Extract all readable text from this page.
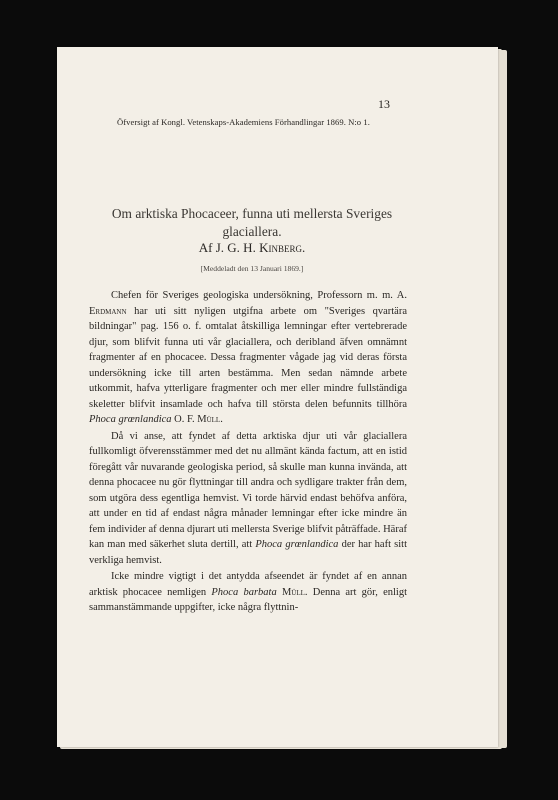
13
Öfversigt af Kongl. Vetenskaps-Akademiens Förhandlingar 1869. N:o 1.
Om arktiska Phocaceer, funna uti mellersta Sveriges glaciallera.
Af J. G. H. Kinberg.
[Meddeladt den 13 Januari 1869.]

Chefen för Sveriges geologiska undersökning, Professorn m. m. A. Erdmann har uti sitt nyligen utgifna arbete om "Sveriges qvartära bildningar" pag. 156 o. f. omtalat åtskilliga lemningar efter vertebrerade djur, som blifvit funna uti vår glaciallera, och deribland äfven omnämnt fragmenter af en phocacee. Dessa fragmenter vågade jag vid deras första undersökning icke till arten bestämma. Men sedan nämnde arbete utkommit, hafva ytterligare fragmenter och mer eller mindre fullständiga skeletter blifvit insamlade och hafva till största delen befunnits tillhöra Phoca grœnlandica O. F. Müll.

Då vi anse, att fyndet af detta arktiska djur uti vår glaciallera fullkomligt öfverensstämmer med det nu allmänt kända factum, att en istid föregått vår nuvarande geologiska period, så skulle man kunna invända, att denna phocacee nu gör flyttningar till andra och sydligare trakter från dem, som utgöra dess egentliga hemvist. Vi torde härvid endast behöfva anföra, att under en tid af endast några månader lemningar efter icke mindre än fem individer af denna djurart uti mellersta Sverige blifvit påträffade. Häraf kan man med säkerhet sluta dertill, att Phoca grœnlandica der har haft sitt verkliga hemvist.

Icke mindre vigtigt i det antydda afseendet är fyndet af en annan arktisk phocacee nemligen Phoca barbata Müll. Denna art gör, enligt sammanstämmande uppgifter, icke några flyttnin-
